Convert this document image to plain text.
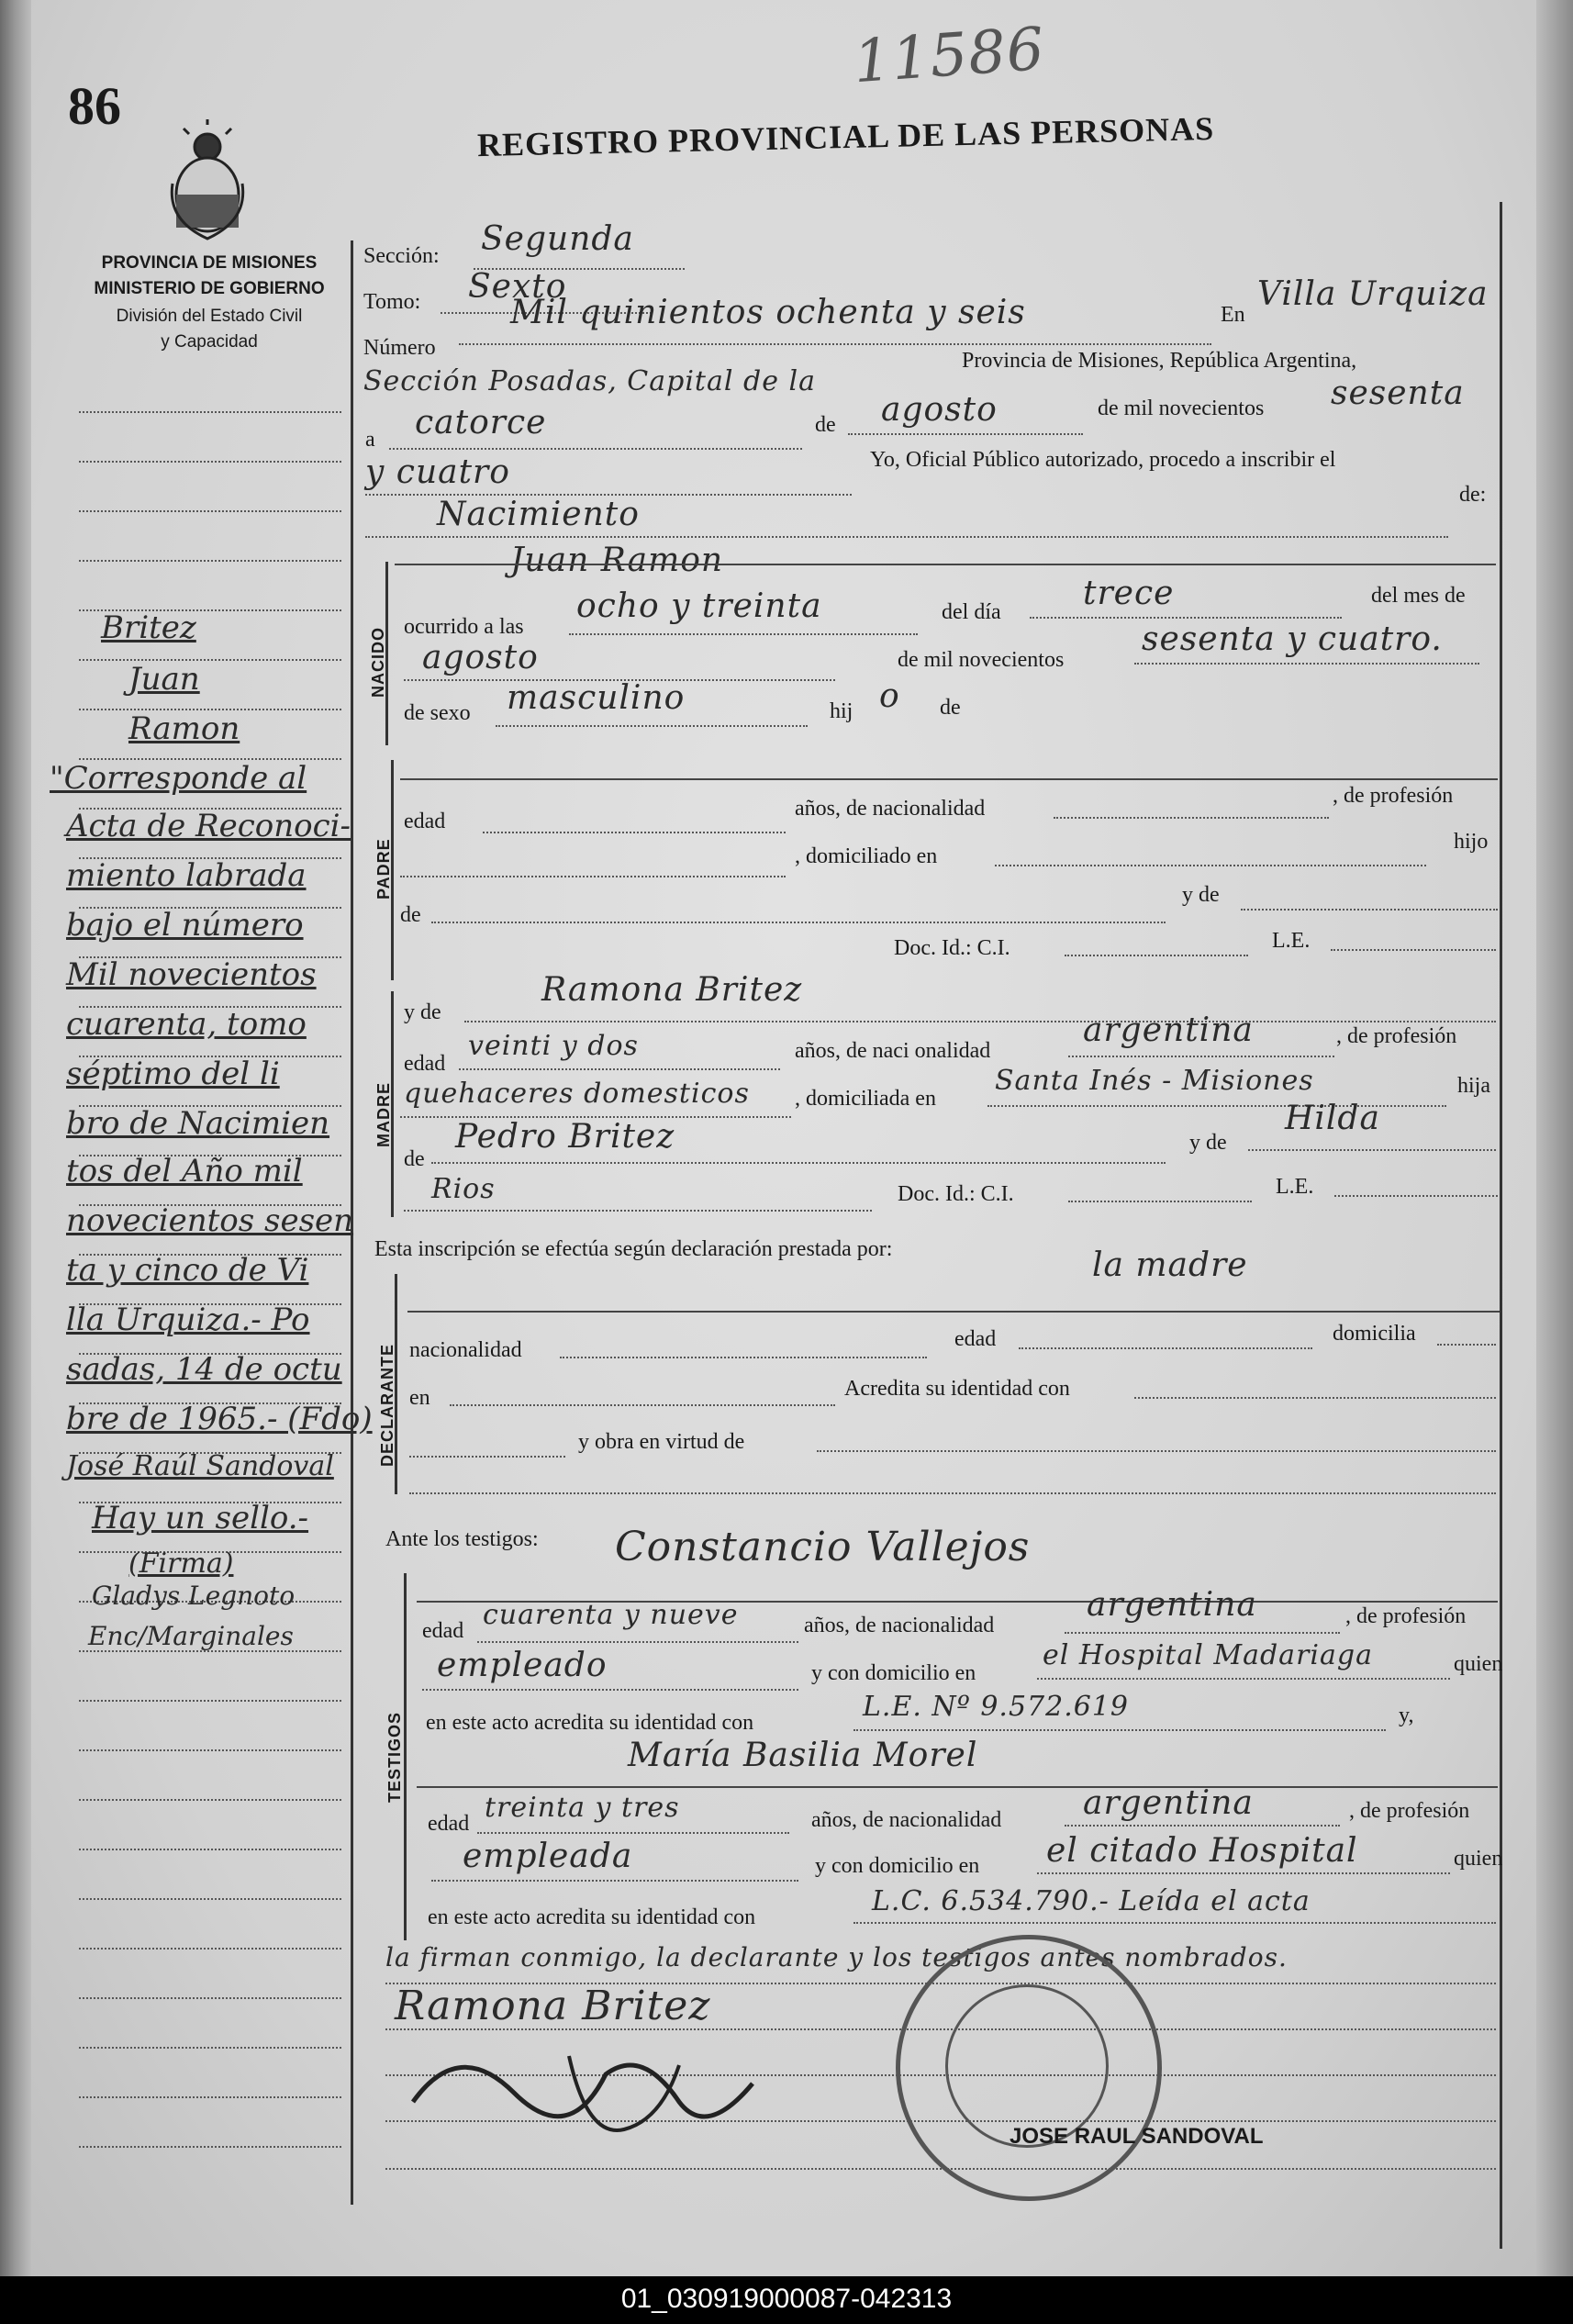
86
11586
REGISTRO PROVINCIAL DE LAS PERSONAS
PROVINCIA DE MISIONES
MINISTERIO DE GOBIERNO
División del Estado Civil
y Capacidad
Britez
Juan
Ramon
"Corresponde al
Acta de Reconoci-
miento labrada
bajo el número
Mil novecientos
cuarenta, tomo
séptimo del li
bro de Nacimien
tos del Año mil
novecientos sesen
ta y cinco de Vi
lla Urquiza.- Po
sadas, 14 de octu
bre de 1965.- (Fdo)
José Raúl Sandoval
Hay un sello.-
(Firma)
Gladys Legnoto
Enc/Marginales
Sección: Segunda
Tomo: Sexto
Número
Mil quinientos ochenta y seis	En
Villa Urquiza
Sección Posadas, Capital de la
Provincia de Misiones, República Argentina,
a catorce	de agosto	de mil novecientos sesenta
y cuatro	Yo, Oficial Público autorizado, procedo a inscribir el
Nacimiento
de:
NACIDO
Juan Ramon
ocurrido a las
ocho y treinta	del día trece	del mes de
agosto	de mil novecientos
sesenta y cuatro.
de sexo masculino	hij o de
PADRE
edad
años, de nacionalidad
, de profesión
, domiciliado en
hijo
de
y de
Doc. Id.: C.I.	L.E.
MADRE
y de
Ramona Britez
edad
veinti y dos	años, de naci onalidad
argentina	, de profesión
quehaceres domesticos , domiciliada en
Santa Inés - Misiones	hija
de
Pedro Britez	y de
Hilda
Rios	Doc. Id.: C.I.	L.E.
Esta inscripción se efectúa según declaración prestada por:
DECLARANTE
la madre
nacionalidad	edad	domicilia
en	Acredita su identidad con
y obra en virtud de
Ante los testigos: Constancio Vallejos
TESTIGOS
edad cuarenta y nueve	años, de nacionalidad
argentina	, de profesión
empleado	y con domicilio en
el Hospital Madariaga	quien
en este acto acredita su identidad con	L.E. Nº 9.572.619	y,
María Basilia Morel
edad treinta y tres	años, de nacionalidad argentina	, de profesión
empleada	y con domicilio en el citado Hospital	quien
en este acto acredita su identidad con	L.C. 6.534.790.- Leída el acta
la firman conmigo, la declarante y los testigos antes nombrados.
Ramona Britez
JOSE RAUL SANDOVAL
01_030919000087-042313
